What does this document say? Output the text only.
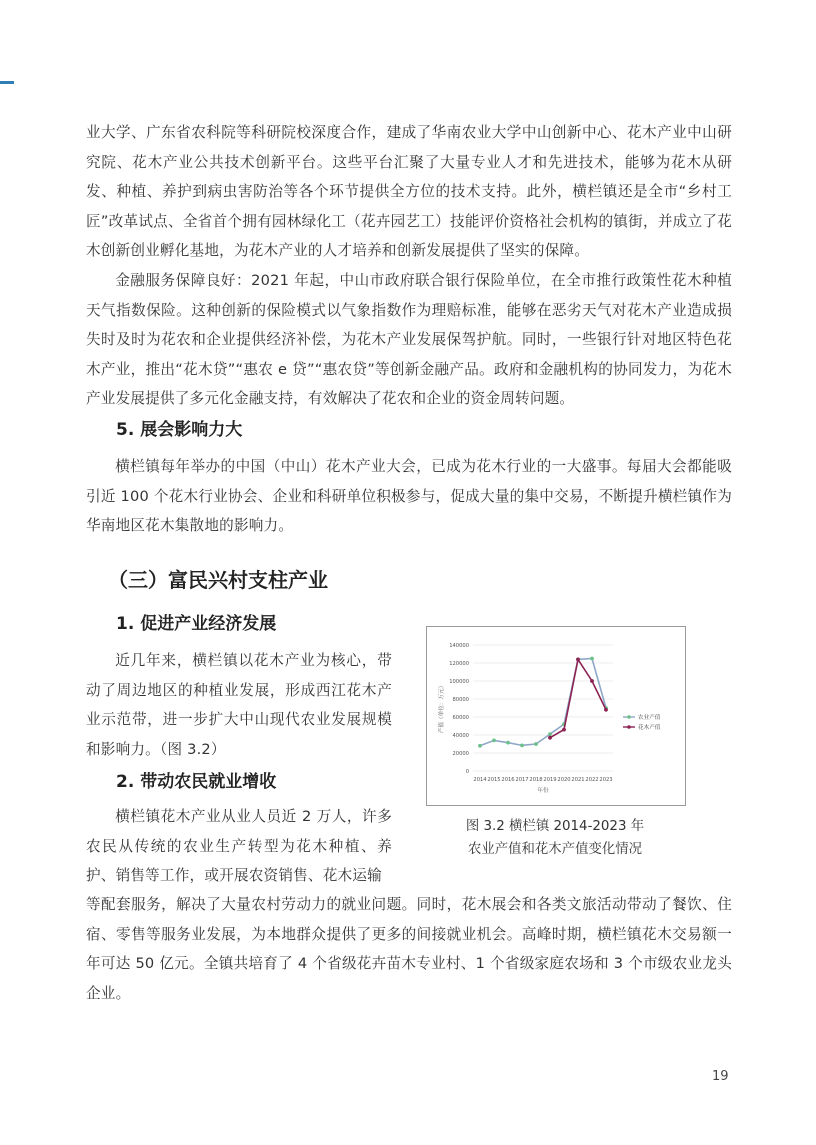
业大学、广东省农科院等科研院校深度合作，建成了华南农业大学中山创新中心、花木产业中山研究院、花木产业公共技术创新平台。这些平台汇聚了大量专业人才和先进技术，能够为花木从研发、种植、养护到病虫害防治等各个环节提供全方位的技术支持。此外，横栏镇还是全市“乡村工匠”改革试点、全省首个拥有园林绿化工（花卉园艺工）技能评价资格社会机构的镇街，并成立了花木创新创业孵化基地，为花木产业的人才培养和创新发展提供了坚实的保障。

金融服务保障良好：2021 年起，中山市政府联合银行保险单位，在全市推行政策性花木种植天气指数保险。这种创新的保险模式以气象指数作为理赔标准，能够在恶劣天气对花木产业造成损失时及时为花农和企业提供经济补偿，为花木产业发展保驾护航。同时，一些银行针对地区特色花木产业，推出“花木贷”“惠农 e 贷”“惠农贷”等创新金融产品。政府和金融机构的协同发力，为花木产业发展提供了多元化金融支持，有效解决了花农和企业的资金周转问题。

5. 展会影响力大

横栏镇每年举办的中国（中山）花木产业大会，已成为花木行业的一大盛事。每届大会都能吸引近 100 个花木行业协会、企业和科研单位积极参与，促成大量的集中交易，不断提升横栏镇作为华南地区花木集散地的影响力。

（三）富民兴村支柱产业
1. 促进产业经济发展

近几年来，横栏镇以花木产业为核心，带动了周边地区的种植业发展，形成西江花木产业示范带，进一步扩大中山现代农业发展规模和影响力。（图 3.2）

2. 带动农民就业增收

横栏镇花木产业从业人员近 2 万人，许多农民从传统的农业生产转型为花木种植、养护、销售等工作，或开展农资销售、花木运输

等配套服务，解决了大量农村劳动力的就业问题。同时，花木展会和各类文旅活动带动了餐饮、住宿、零售等服务业发展，为本地群众提供了更多的间接就业机会。高峰时期，横栏镇花木交易额一年可达 50 亿元。全镇共培育了 4 个省级花卉苗木专业村、1 个省级家庭农场和 3 个市级农业龙头企业。

0
20000
40000
60000
80000
100000
120000
140000
2014 2015 2016 2017 2018 2019 2020 2021 2022 2023
年份
产值（单位：万元）	农业产值
花木产值

图 3.2 横栏镇 2014-2023 年

农业产值和花木产值变化情况

19
